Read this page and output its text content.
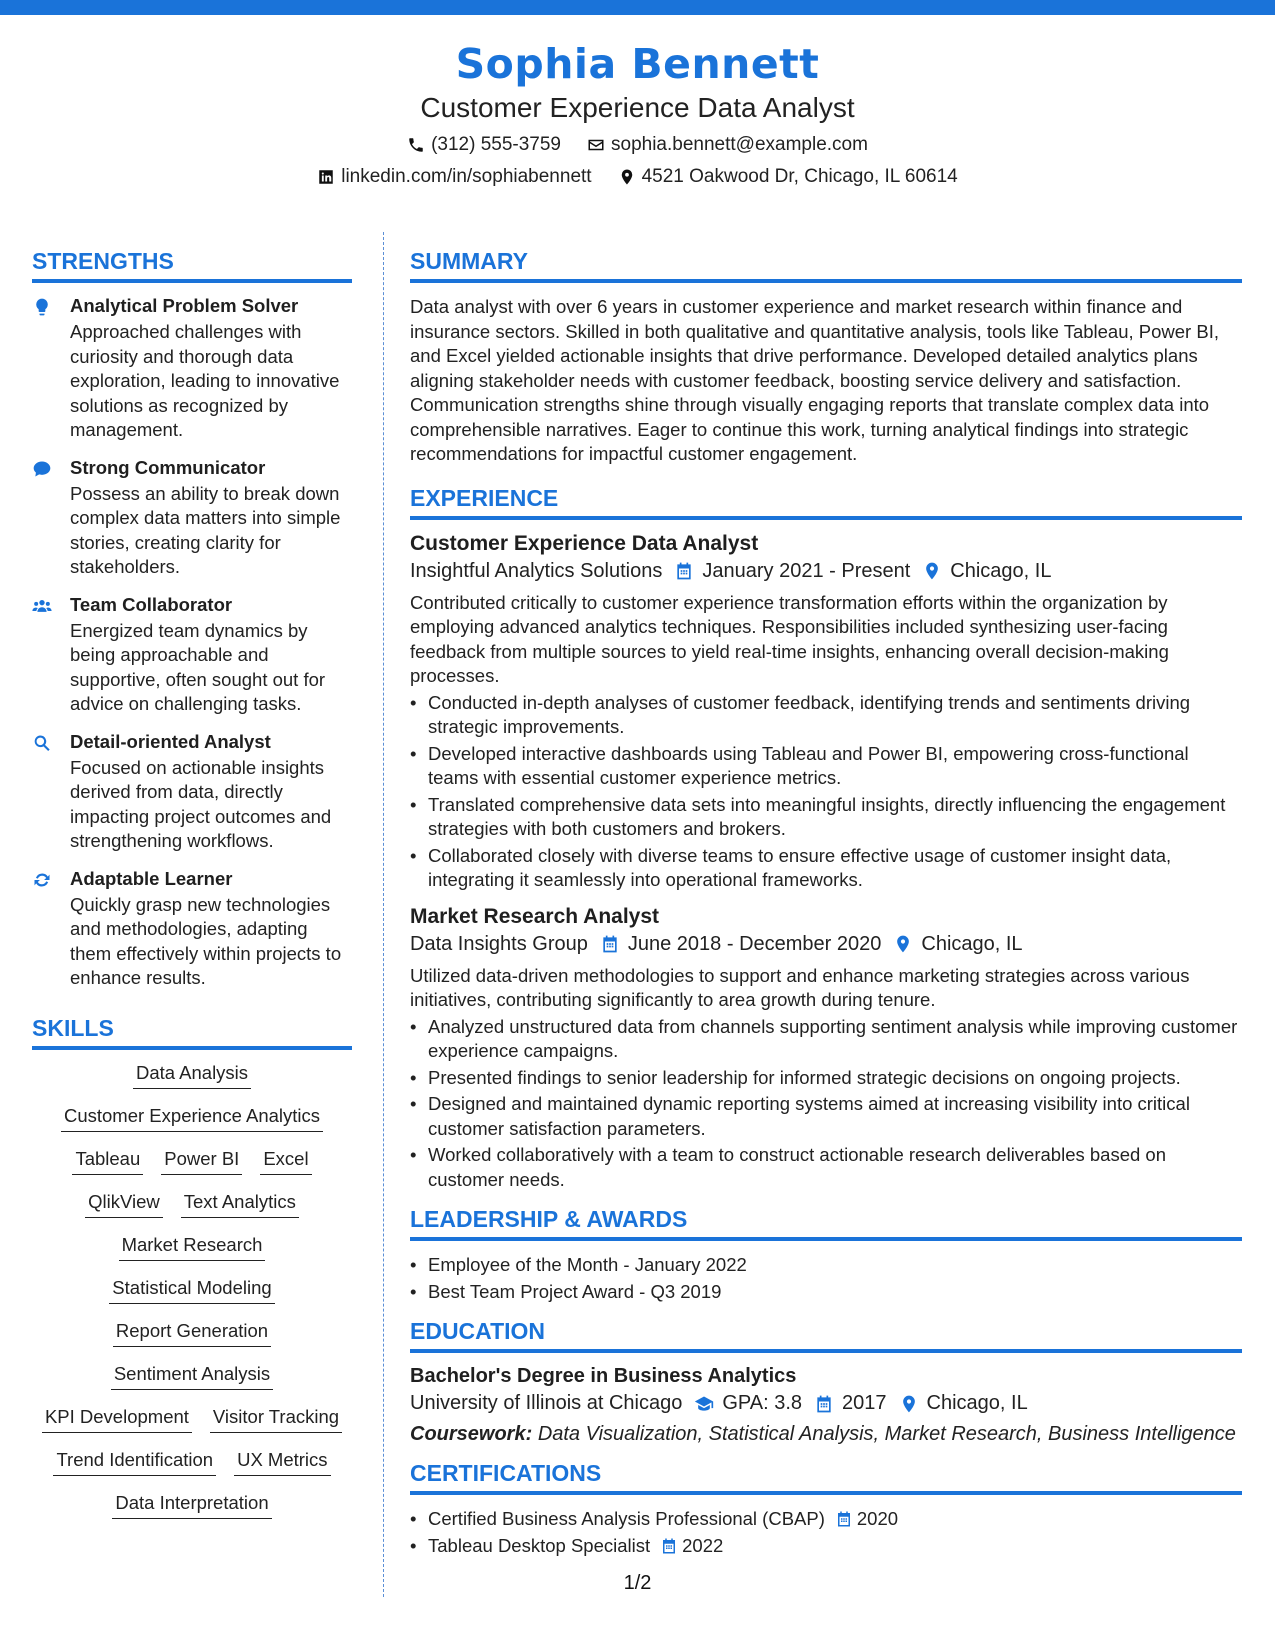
Sophia Bennett
Customer Experience Data Analyst
(312) 555-3759	sophia.bennett@example.com
linkedin.com/in/sophiabennett	4521 Oakwood Dr, Chicago, IL 60614
STRENGTHS
Analytical Problem Solver
Approached challenges with curiosity and thorough data exploration, leading to innovative solutions as recognized by management.
Strong Communicator
Possess an ability to break down complex data matters into simple stories, creating clarity for stakeholders.
Team Collaborator
Energized team dynamics by being approachable and supportive, often sought out for advice on challenging tasks.
Detail-oriented Analyst
Focused on actionable insights derived from data, directly impacting project outcomes and strengthening workflows.
Adaptable Learner
Quickly grasp new technologies and methodologies, adapting them effectively within projects to enhance results.
SKILLS
Data Analysis
Customer Experience Analytics
Tableau Power BI Excel
QlikView Text Analytics
Market Research
Statistical Modeling
Report Generation
Sentiment Analysis
KPI Development Visitor Tracking
Trend Identification UX Metrics
Data Interpretation
SUMMARY

Data analyst with over 6 years in customer experience and market research within finance and insurance sectors. Skilled in both qualitative and quantitative analysis, tools like Tableau, Power BI, and Excel yielded actionable insights that drive performance. Developed detailed analytics plans aligning stakeholder needs with customer feedback, boosting service delivery and satisfaction. Communication strengths shine through visually engaging reports that translate complex data into comprehensible narratives. Eager to continue this work, turning analytical findings into strategic recommendations for impactful customer engagement.

EXPERIENCE
Customer Experience Data Analyst
Insightful Analytics Solutions January 2021 - Present Chicago, IL

Contributed critically to customer experience transformation efforts within the organization by employing advanced analytics techniques. Responsibilities included synthesizing user-facing feedback from multiple sources to yield real-time insights, enhancing overall decision-making processes.

• Conducted in-depth analyses of customer feedback, identifying trends and sentiments driving strategic improvements.
• Developed interactive dashboards using Tableau and Power BI, empowering cross-functional teams with essential customer experience metrics.
• Translated comprehensive data sets into meaningful insights, directly influencing the engagement strategies with both customers and brokers.
• Collaborated closely with diverse teams to ensure effective usage of customer insight data, integrating it seamlessly into operational frameworks.
Market Research Analyst
Data Insights Group June 2018 - December 2020 Chicago, IL

Utilized data-driven methodologies to support and enhance marketing strategies across various initiatives, contributing significantly to area growth during tenure.

• Analyzed unstructured data from channels supporting sentiment analysis while improving customer experience campaigns.
• Presented findings to senior leadership for informed strategic decisions on ongoing projects.
• Designed and maintained dynamic reporting systems aimed at increasing visibility into critical customer satisfaction parameters.
• Worked collaboratively with a team to construct actionable research deliverables based on customer needs.
LEADERSHIP & AWARDS
• Employee of the Month - January 2022
• Best Team Project Award - Q3 2019
EDUCATION
Bachelor's Degree in Business Analytics
University of Illinois at Chicago GPA: 3.8 2017 Chicago, IL
Coursework: Data Visualization, Statistical Analysis, Market Research, Business Intelligence
CERTIFICATIONS
• Certified Business Analysis Professional (CBAP) 2020
• Tableau Desktop Specialist 2022
1/2
